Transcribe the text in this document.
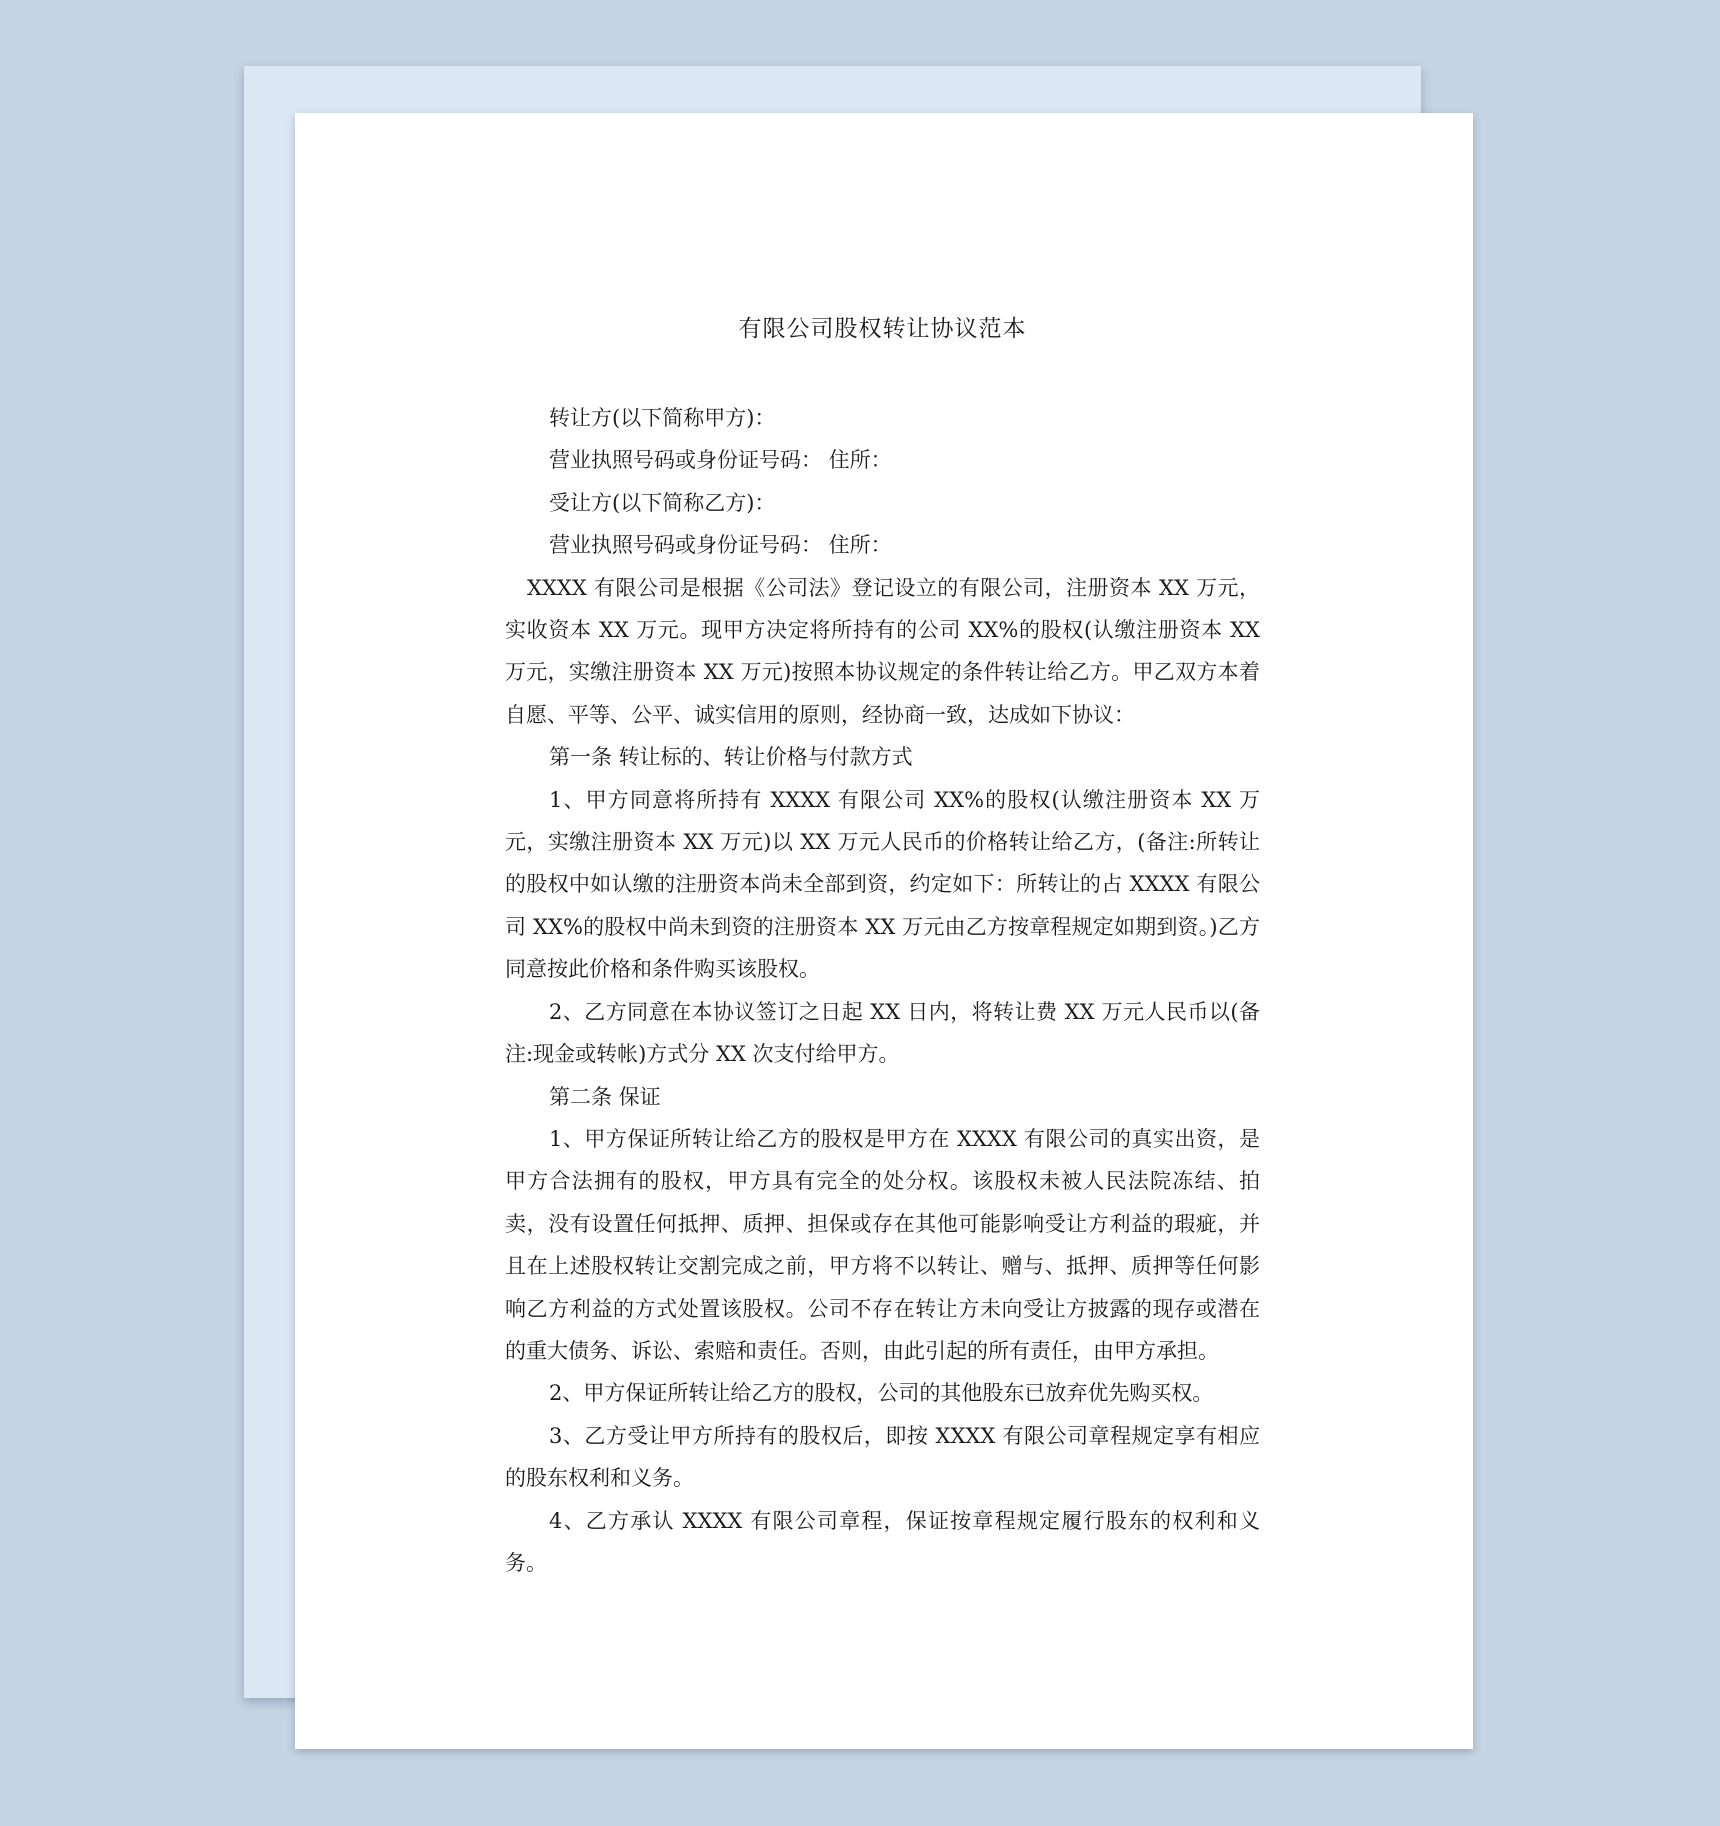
有限公司股权转让协议范本

转让方(以下简称甲方)：

营业执照号码或身份证号码： 住所：

受让方(以下简称乙方)：

营业执照号码或身份证号码： 住所：

XXXX 有限公司是根据《公司法》登记设立的有限公司，注册资本 XX 万元，实收资本 XX 万元。现甲方决定将所持有的公司 XX%的股权(认缴注册资本 XX 万元，实缴注册资本 XX 万元)按照本协议规定的条件转让给乙方。甲乙双方本着自愿、平等、公平、诚实信用的原则，经协商一致，达成如下协议：

第一条 转让标的、转让价格与付款方式

1、甲方同意将所持有 XXXX 有限公司 XX%的股权(认缴注册资本 XX 万元，实缴注册资本 XX 万元)以 XX 万元人民币的价格转让给乙方，(备注:所转让的股权中如认缴的注册资本尚未全部到资，约定如下：所转让的占 XXXX 有限公司 XX%的股权中尚未到资的注册资本 XX 万元由乙方按章程规定如期到资。)乙方同意按此价格和条件购买该股权。

2、乙方同意在本协议签订之日起 XX 日内，将转让费 XX 万元人民币以(备注:现金或转帐)方式分 XX 次支付给甲方。

第二条 保证

1、甲方保证所转让给乙方的股权是甲方在 XXXX 有限公司的真实出资，是甲方合法拥有的股权，甲方具有完全的处分权。该股权未被人民法院冻结、拍卖，没有设置任何抵押、质押、担保或存在其他可能影响受让方利益的瑕疵，并且在上述股权转让交割完成之前，甲方将不以转让、赠与、抵押、质押等任何影响乙方利益的方式处置该股权。公司不存在转让方未向受让方披露的现存或潜在的重大债务、诉讼、索赔和责任。否则，由此引起的所有责任，由甲方承担。

2、甲方保证所转让给乙方的股权，公司的其他股东已放弃优先购买权。

3、乙方受让甲方所持有的股权后，即按 XXXX 有限公司章程规定享有相应的股东权利和义务。

4、乙方承认 XXXX 有限公司章程，保证按章程规定履行股东的权利和义务。
